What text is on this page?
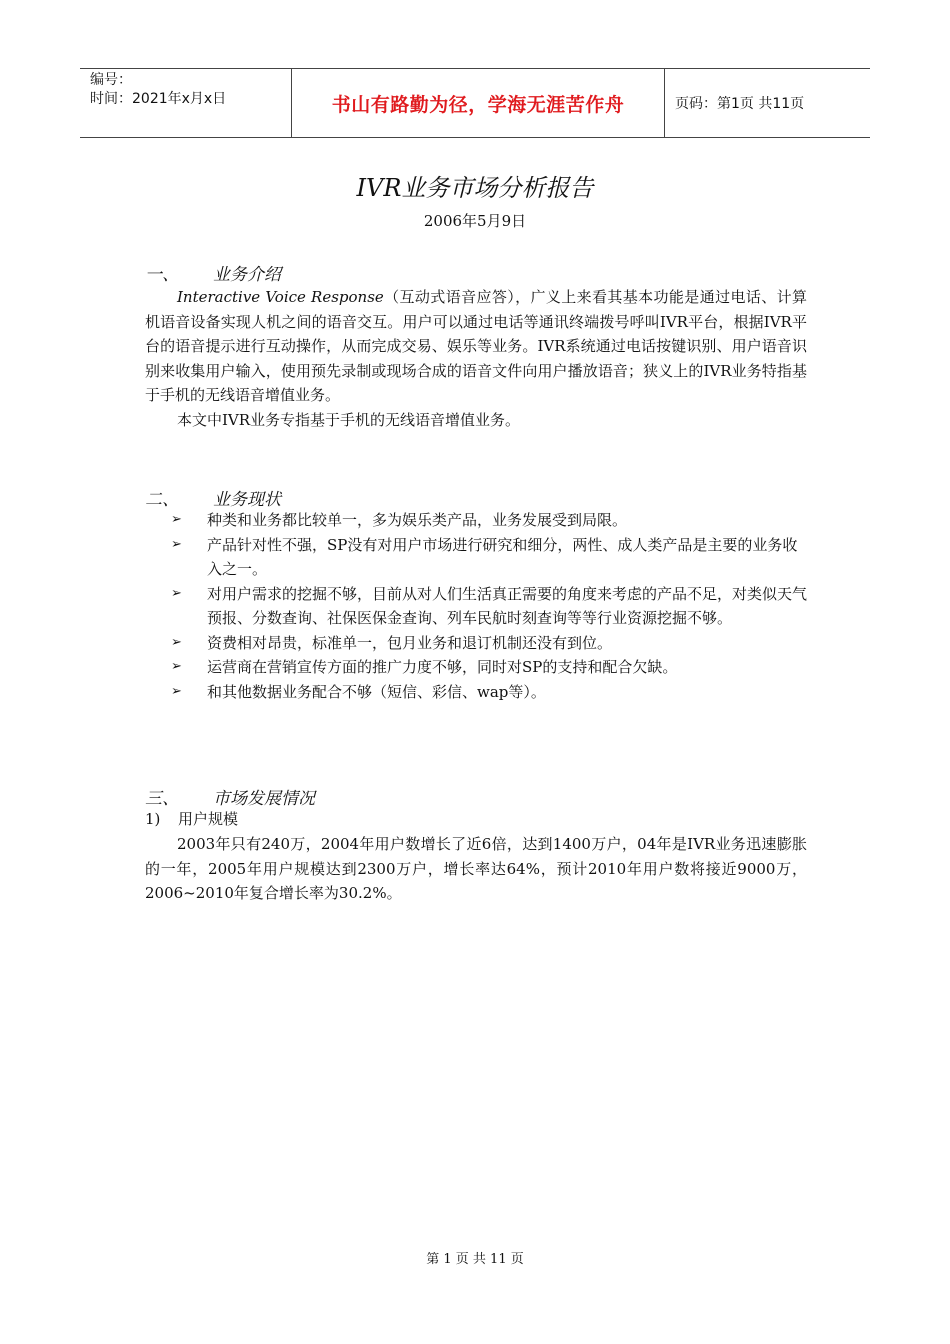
编号：
时间：2021年x月x日	书山有路勤为径，学海无涯苦作舟	页码：第1页 共11页
IVR业务市场分析报告
2006年5月9日
一、 业务介绍
Interactive Voice Response（互动式语音应答），广义上来看其基本功能是通过电话、计算机语音设备实现人机之间的语音交互。用户可以通过电话等通讯终端拨号呼叫IVR平台，根据IVR平台的语音提示进行互动操作，从而完成交易、娱乐等业务。IVR系统通过电话按键识别、用户语音识别来收集用户输入，使用预先录制或现场合成的语音文件向用户播放语音；狭义上的IVR业务特指基于手机的无线语音增值业务。
本文中IVR业务专指基于手机的无线语音增值业务。
二、 业务现状
➢ 种类和业务都比较单一，多为娱乐类产品，业务发展受到局限。
➢ 产品针对性不强，SP没有对用户市场进行研究和细分，两性、成人类产品是主要的业务收入之一。
➢ 对用户需求的挖掘不够，目前从对人们生活真正需要的角度来考虑的产品不足，对类似天气预报、分数查询、社保医保金查询、列车民航时刻查询等等行业资源挖掘不够。
➢ 资费相对昂贵，标准单一，包月业务和退订机制还没有到位。
➢ 运营商在营销宣传方面的推广力度不够，同时对SP的支持和配合欠缺。
➢ 和其他数据业务配合不够（短信、彩信、wap等）。
三、 市场发展情况
1) 用户规模
2003年只有240万，2004年用户数增长了近6倍，达到1400万户，04年是IVR业务迅速膨胀的一年，2005年用户规模达到2300万户，增长率达64%，预计2010年用户数将接近9000万，2006~2010年复合增长率为30.2%。
第 1 页 共 11 页
